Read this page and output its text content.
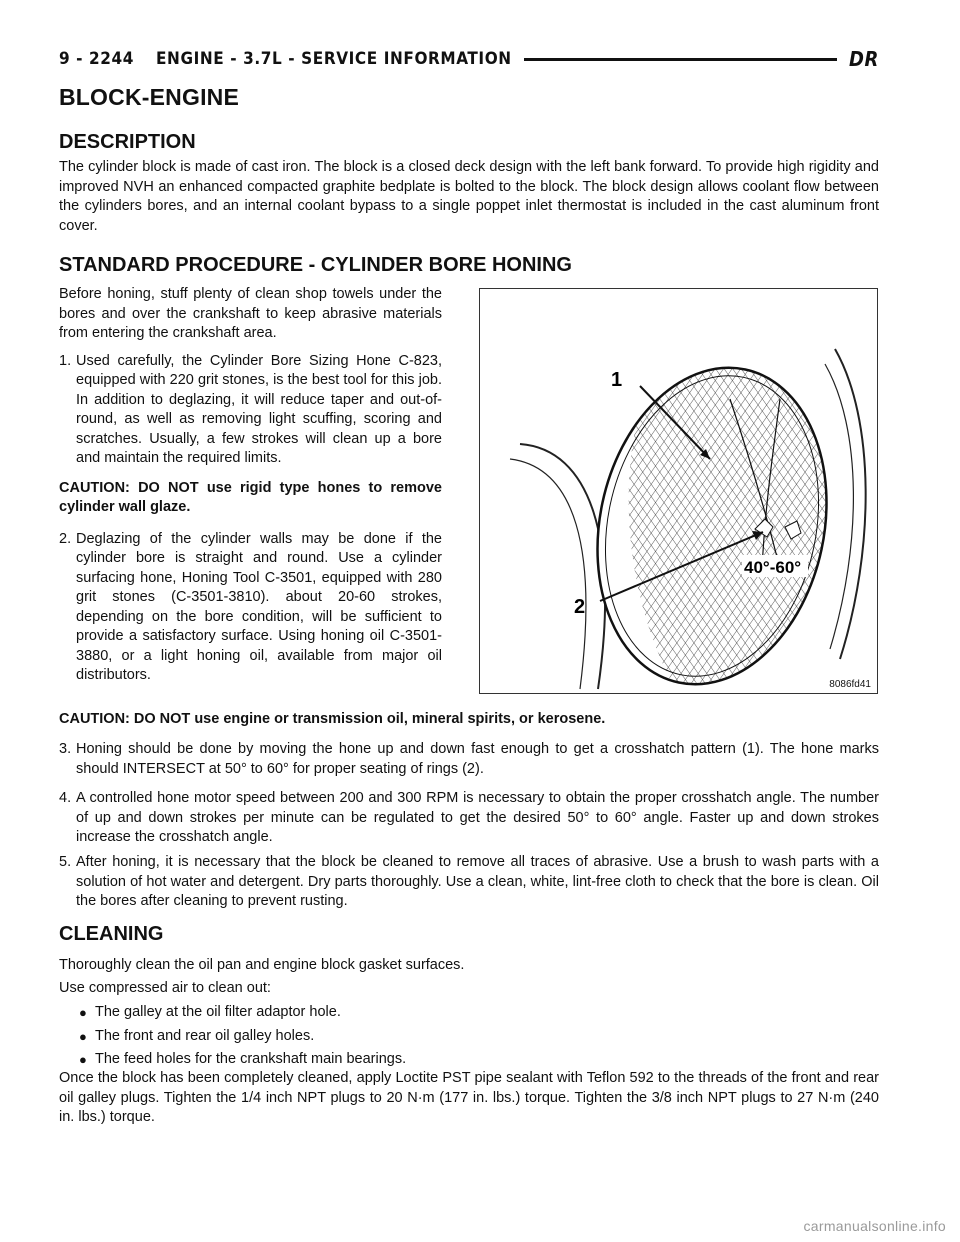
9 - 2244 ENGINE - 3.7L - SERVICE INFORMATION	DR
BLOCK-ENGINE
DESCRIPTION

The cylinder block is made of cast iron. The block is a closed deck design with the left bank forward. To provide high rigidity and improved NVH an enhanced compacted graphite bedplate is bolted to the block. The block design allows coolant flow between the cylinders bores, and an internal coolant bypass to a single poppet inlet thermostat is included in the cast aluminum front cover.

STANDARD PROCEDURE - CYLINDER BORE HONING

Before honing, stuff plenty of clean shop towels under the bores and over the crankshaft to keep abrasive materials from entering the crankshaft area.

1. Used carefully, the Cylinder Bore Sizing Hone C-823, equipped with 220 grit stones, is the best tool for this job. In addition to deglazing, it will reduce taper and out-of-round, as well as removing light scuffing, scoring and scratches. Usually, a few strokes will clean up a bore and maintain the required limits.

CAUTION: DO NOT use rigid type hones to remove cylinder wall glaze.

2. Deglazing of the cylinder walls may be done if the cylinder bore is straight and round. Use a cylinder surfacing hone, Honing Tool C-3501, equipped with 280 grit stones (C-3501-3810). about 20-60 strokes, depending on the bore condition, will be sufficient to provide a satisfactory surface. Using honing oil C-3501-3880, or a light honing oil, available from major oil distributors.
1
2
40°-60°
8086fd41

CAUTION: DO NOT use engine or transmission oil, mineral spirits, or kerosene.

3. Honing should be done by moving the hone up and down fast enough to get a crosshatch pattern (1). The hone marks should INTERSECT at 50° to 60° for proper seating of rings (2).
4. A controlled hone motor speed between 200 and 300 RPM is necessary to obtain the proper crosshatch angle. The number of up and down strokes per minute can be regulated to get the desired 50° to 60° angle. Faster up and down strokes increase the crosshatch angle.
5. After honing, it is necessary that the block be cleaned to remove all traces of abrasive. Use a brush to wash parts with a solution of hot water and detergent. Dry parts thoroughly. Use a clean, white, lint-free cloth to check that the bore is clean. Oil the bores after cleaning to prevent rusting.
CLEANING

Thoroughly clean the oil pan and engine block gasket surfaces.

Use compressed air to clean out:

● The galley at the oil filter adaptor hole.
● The front and rear oil galley holes.
● The feed holes for the crankshaft main bearings.

Once the block has been completely cleaned, apply Loctite PST pipe sealant with Teflon 592 to the threads of the front and rear oil galley plugs. Tighten the 1/4 inch NPT plugs to 20 N·m (177 in. lbs.) torque. Tighten the 3/8 inch NPT plugs to 27 N·m (240 in. lbs.) torque.

carmanualsonline.info
